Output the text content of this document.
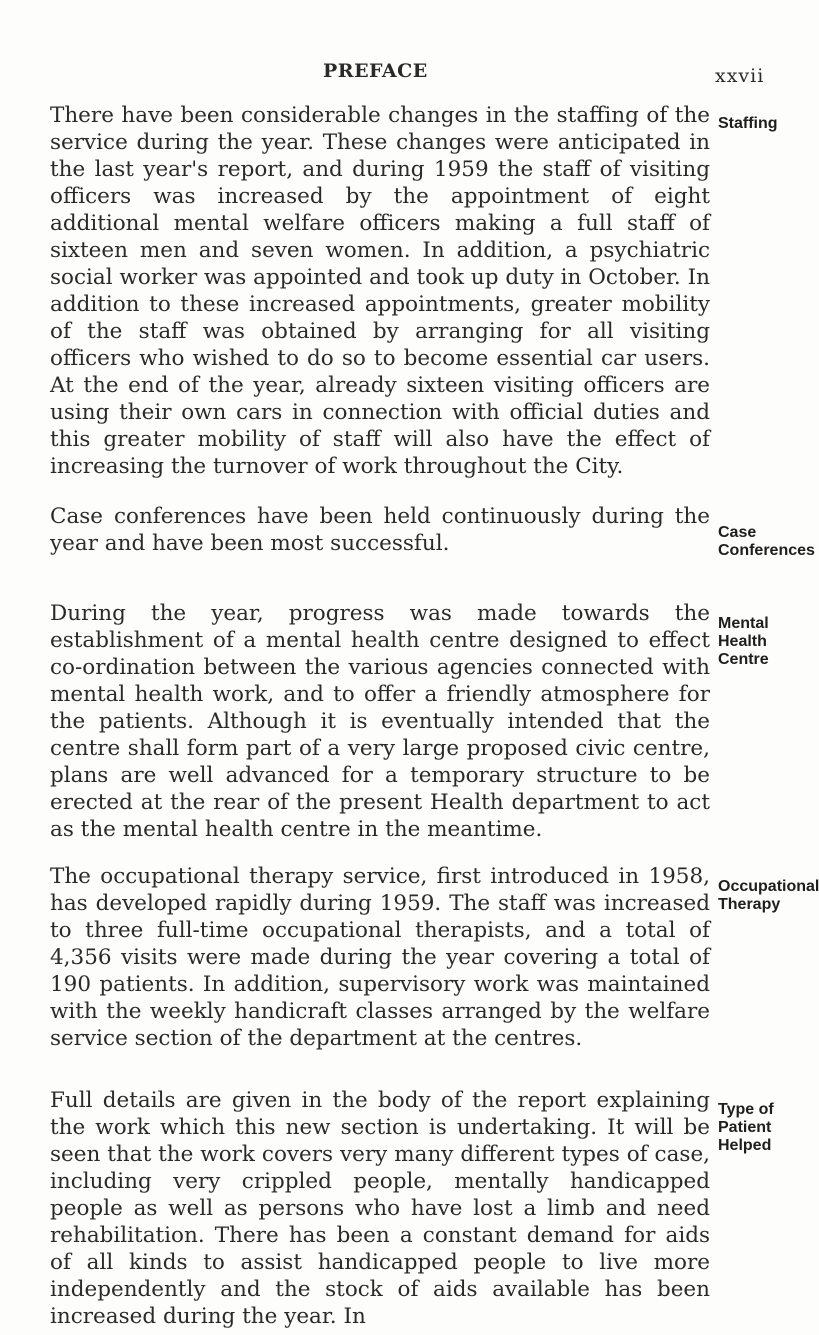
PREFACE	xxvii

There have been considerable changes in the staffing of the service during the year. These changes were anticipated in the last year's report, and during 1959 the staff of visiting officers was increased by the appointment of eight additional mental welfare officers making a full staff of sixteen men and seven women. In addition, a psychiatric social worker was appointed and took up duty in October. In addition to these increased appointments, greater mobility of the staff was obtained by arranging for all visiting officers who wished to do so to become essential car users. At the end of the year, already sixteen visiting officers are using their own cars in connection with official duties and this greater mobility of staff will also have the effect of increasing the turnover of work throughout the City.

Staffing

Case conferences have been held continuously during the year and have been most successful.	Case Conferences

During the year, progress was made towards the establishment of a mental health centre designed to effect co-ordination between the various agencies connected with mental health work, and to offer a friendly atmosphere for the patients. Although it is eventually intended that the centre shall form part of a very large proposed civic centre, plans are well advanced for a temporary structure to be erected at the rear of the present Health department to act as the mental health centre in the meantime.

Mental Health Centre

The occupational therapy service, first introduced in 1958, has developed rapidly during 1959. The staff was increased to three full-time occupational therapists, and a total of 4,356 visits were made during the year covering a total of 190 patients. In addition, supervisory work was maintained with the weekly handicraft classes arranged by the welfare service section of the department at the centres.

Occupational Therapy

Full details are given in the body of the report explaining the work which this new section is undertaking. It will be seen that the work covers very many different types of case, including very crippled people, mentally handicapped people as well as persons who have lost a limb and need rehabilitation. There has been a constant demand for aids of all kinds to assist handicapped people to live more independently and the stock of aids available has been increased during the year. In

Type of Patient Helped
